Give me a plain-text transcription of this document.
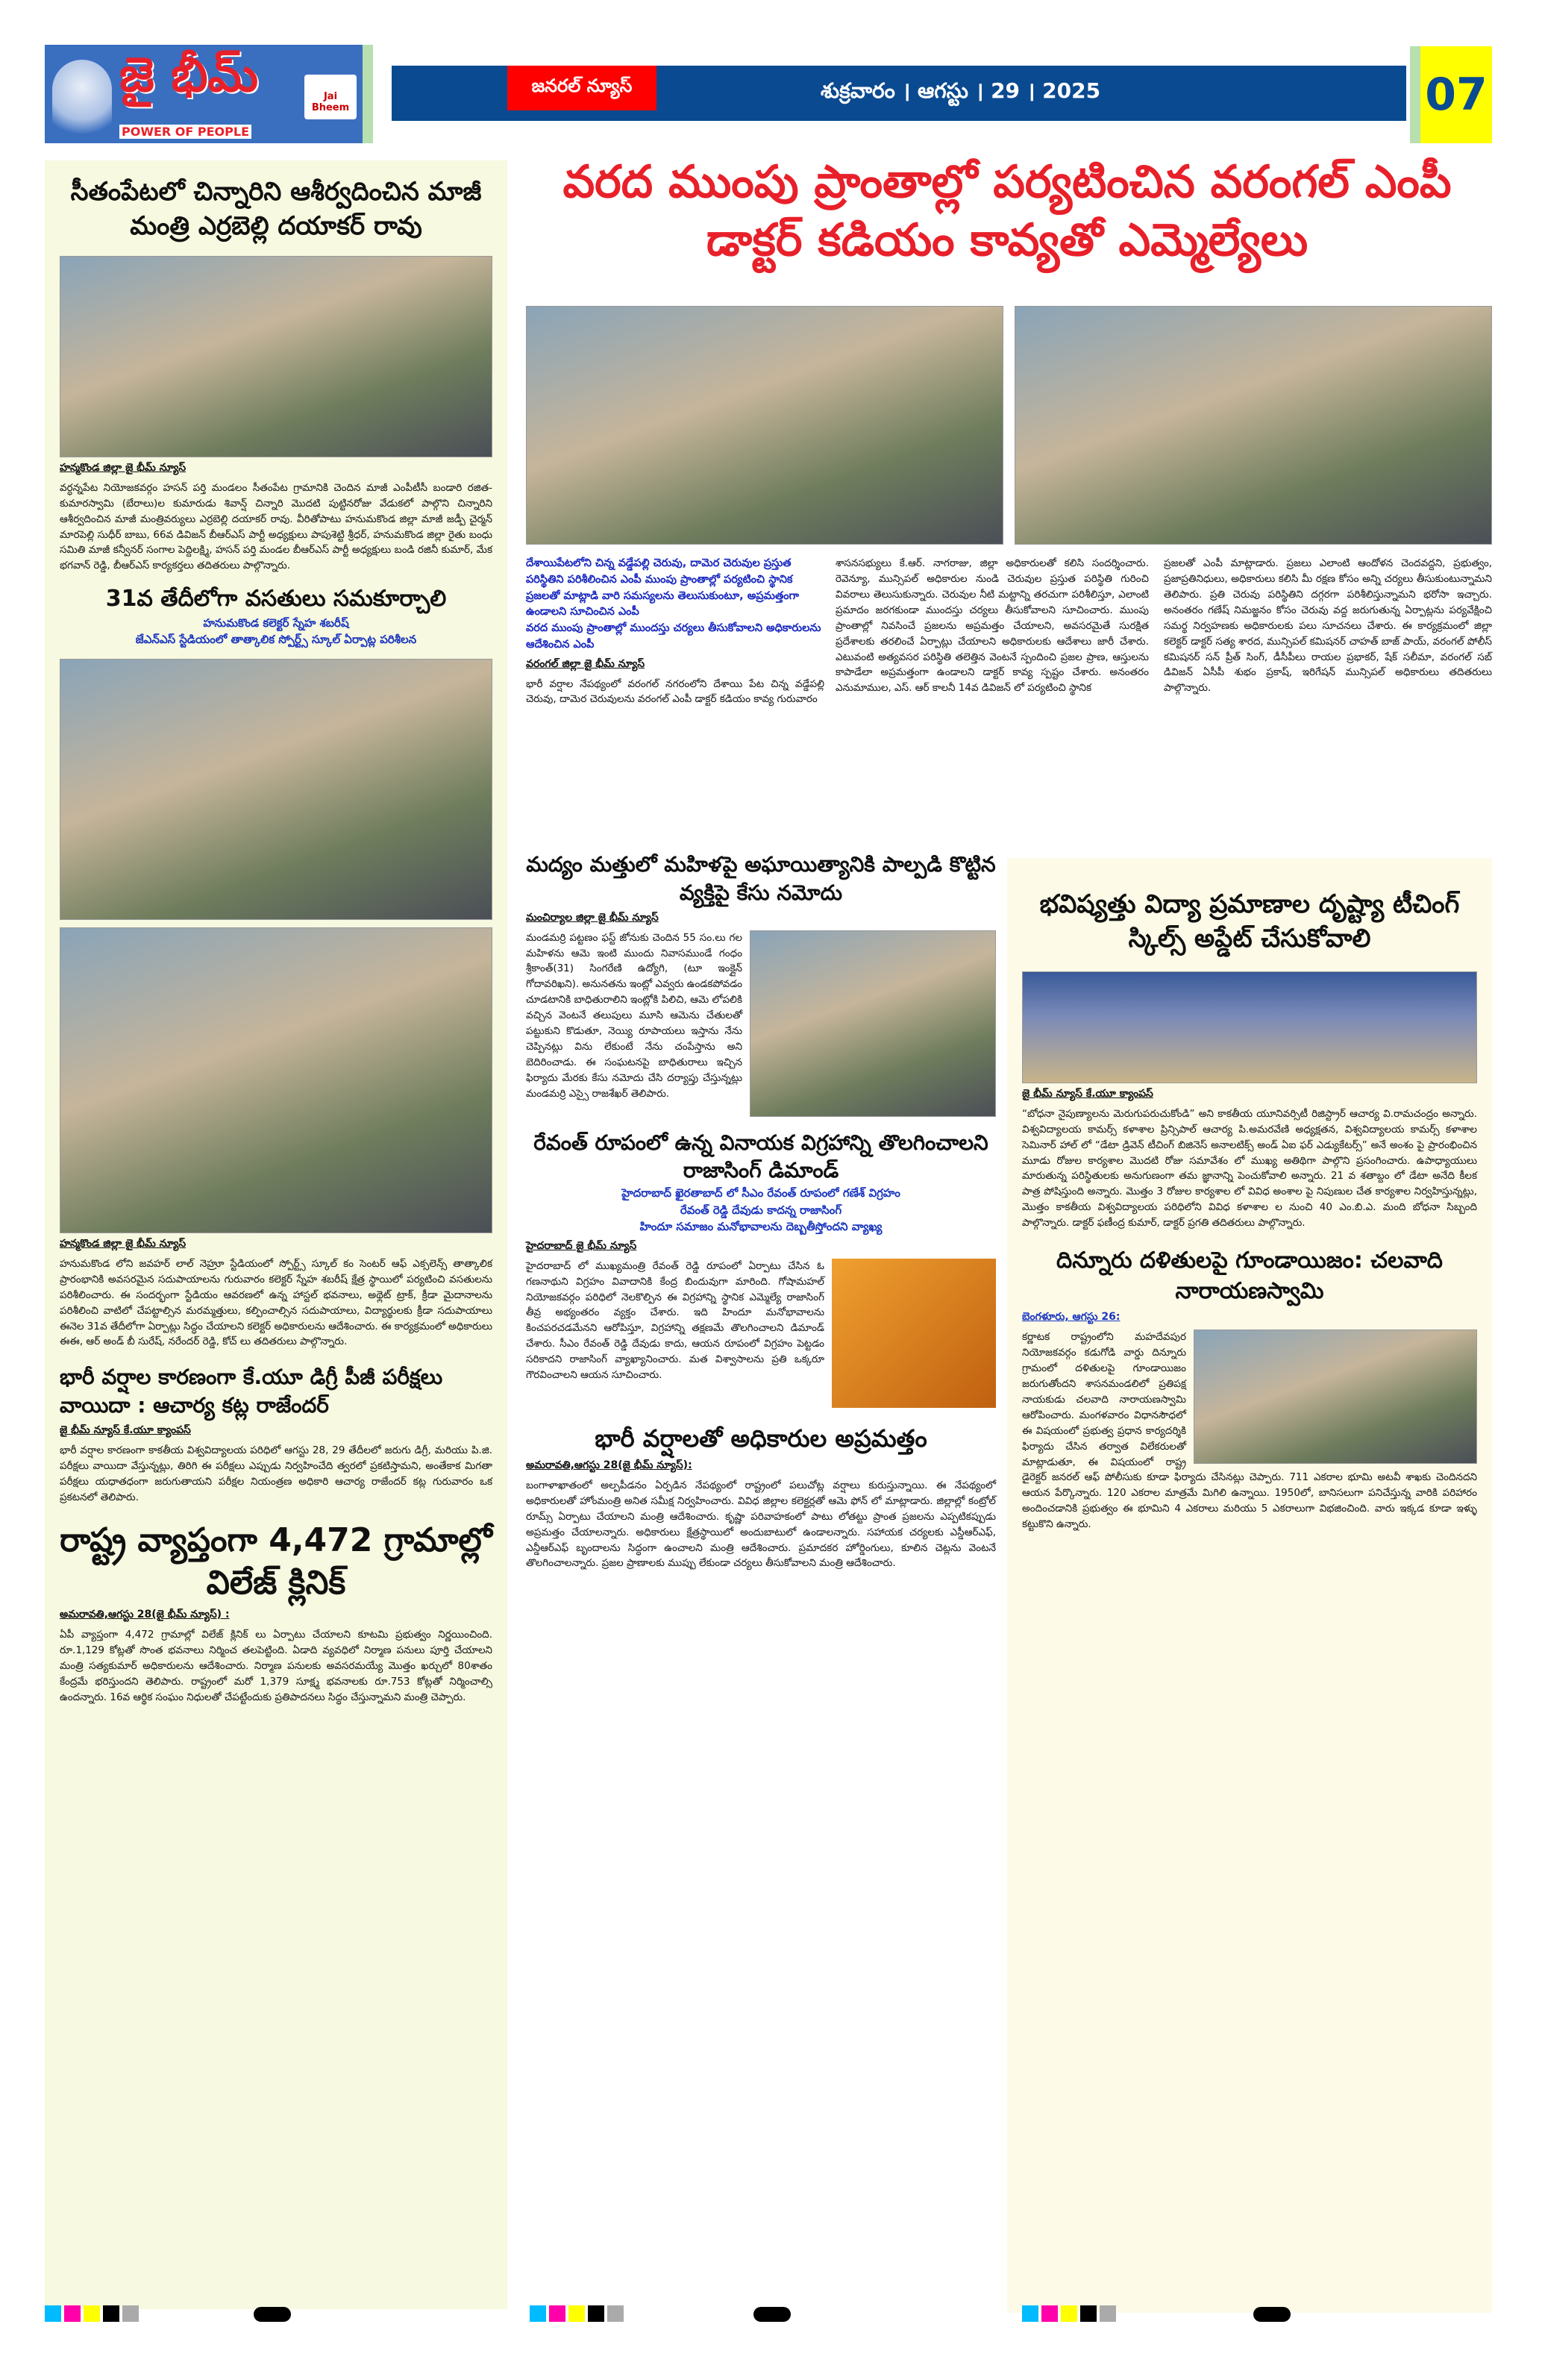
జై భీమ్
POWER OF PEOPLE
Jai Bheem
జనరల్ న్యూస్	శుక్రవారం । ఆగస్టు । 29 । 2025	07
సీతంపేటలో చిన్నారిని ఆశీర్వదించిన మాజీ మంత్రి ఎర్రబెల్లి దయాకర్ రావు
హన్మకొండ జిల్లా జై భీమ్ న్యూస్
వర్ధన్నపేట నియోజకవర్గం హసన్ పర్తి మండలం సీతంపేట గ్రామానికి చెందిన మాజీ ఎంపీటీసీ బండారి రజిత-కుమారస్వామి (బేరాలు)ల కుమారుడు శివాన్ష్ చిన్నారి మొదటి పుట్టినరోజు వేడుకలో పాల్గొని చిన్నారిని ఆశీర్వదించిన మాజీ మంత్రివర్యులు ఎర్రబెల్లి దయాకర్ రావు. వీరితోపాటు హనుమకొండ జిల్లా మాజీ జడ్పీ చైర్మన్ మారపెల్లి సుధీర్ బాబు, 66వ డివిజన్ బీఆర్ఎస్ పార్టీ అధ్యక్షులు పాపుశెట్టి శ్రీధర్, హనుమకొండ జిల్లా రైతు బంధు సమితి మాజీ కన్వీనర్ సంగాల పెద్దిలక్ష్మి, హసన్ పర్తి మండల బీఆర్ఎస్ పార్టీ అధ్యక్షులు బండి రజినీ కుమార్, మేక భగవాన్ రెడ్డి, బీఆర్ఎస్ కార్యకర్తలు తదితరులు పాల్గొన్నారు.
31వ తేదీలోగా వసతులు సమకూర్చాలి
హనుమకొండ కలెక్టర్ స్నేహ శబరీష్
జేఎన్ఎస్ స్టేడియంలో తాత్కాలిక స్పోర్ట్స్ స్కూల్ ఏర్పాట్ల పరిశీలన
హన్మకొండ జిల్లా జై భీమ్ న్యూస్
హనుమకొండ లోని జవహర్ లాల్ నెహ్రూ స్టేడియంలో స్పోర్ట్స్ స్కూల్ కం సెంటర్ ఆఫ్ ఎక్సలెన్స్ తాత్కాలిక ప్రారంభానికి అవసరమైన సదుపాయాలను గురువారం కలెక్టర్ స్నేహ శబరీష్ క్షేత్ర స్థాయిలో పర్యటించి వసతులను పరిశీలించారు. ఈ సందర్భంగా స్టేడియం ఆవరణలో ఉన్న హాస్టల్ భవనాలు, అథ్లెట్ ట్రాక్, క్రీడా మైదానాలను పరిశీలించి వాటిలో చేపట్టాల్సిన మరమ్మత్తులు, కల్పించాల్సిన సదుపాయాలు, విద్యార్థులకు క్రీడా సదుపాయాలు ఈనెల 31వ తేదీలోగా ఏర్పాట్లు సిద్ధం చేయాలని కలెక్టర్ అధికారులను ఆదేశించారు. ఈ కార్యక్రమంలో అధికారులు ఈఈ, ఆర్ అండ్ బీ సురేష్, నరేందర్ రెడ్డి, కోచ్ లు తదితరులు పాల్గొన్నారు.
భారీ వర్షాల కారణంగా కే.యూ డిగ్రీ పీజీ పరీక్షలు వాయిదా : ఆచార్య కట్ల రాజేందర్
జై భీమ్ న్యూస్ కే.యూ క్యాంపస్
భారీ వర్షాల కారణంగా కాకతీయ విశ్వవిద్యాలయ పరిధిలో ఆగస్టు 28, 29 తేదీలలో జరుగు డిగ్రీ, మరియు పి.జి. పరీక్షలు వాయిదా వేస్తున్నట్లు, తిరిగి ఈ పరీక్షలు ఎప్పుడు నిర్వహించేది త్వరలో ప్రకటిస్తామని, అంతేకాక మిగతా పరీక్షలు యధాతధంగా జరుగుతాయని పరీక్షల నియంత్రణ అధికారి ఆచార్య రాజేందర్ కట్ల గురువారం ఒక ప్రకటనలో తెలిపారు.
రాష్ట్ర వ్యాప్తంగా 4,472 గ్రామాల్లో విలేజ్ క్లినిక్
అమరావతి,ఆగస్టు 28(జై భీమ్ న్యూస్) :
ఏపీ వ్యాప్తంగా 4,472 గ్రామాల్లో విలేజ్ క్లినిక్ లు ఏర్పాటు చేయాలని కూటమి ప్రభుత్వం నిర్ణయించింది. రూ.1,129 కోట్లతో సొంత భవనాలు నిర్మించ తలపెట్టింది. ఏడాది వ్యవధిలో నిర్మాణ పనులు పూర్తి చేయాలని మంత్రి సత్యకుమార్ అధికారులను ఆదేశించారు. నిర్మాణ పనులకు అవసరమయ్యే మొత్తం ఖర్చులో 80శాతం కేంద్రమే భరిస్తుందని తెలిపారు. రాష్ట్రంలో మరో 1,379 సూక్ష్మ భవనాలకు రూ.753 కోట్లతో నిర్మించాల్సి ఉందన్నారు. 16వ ఆర్థిక సంఘం నిధులతో చేపట్టేందుకు ప్రతిపాదనలు సిద్ధం చేస్తున్నామని మంత్రి చెప్పారు.
వరద ముంపు ప్రాంతాల్లో పర్యటించిన వరంగల్ ఎంపీ డాక్టర్ కడియం కావ్యతో ఎమ్మెల్యేలు
దేశాయిపేటలోని చిన్న వడ్డేపల్లి చెరువు, దామెర చెరువుల ప్రస్తుత పరిస్థితిని పరిశీలించిన ఎంపీ ముంపు ప్రాంతాల్లో పర్యటించి స్థానిక ప్రజలతో మాట్లాడి వారి సమస్యలను తెలుసుకుంటూ, అప్రమత్తంగా ఉండాలని సూచించిన ఎంపీ
వరద ముంపు ప్రాంతాల్లో ముందస్తు చర్యలు తీసుకోవాలని అధికారులను ఆదేశించిన ఎంపీ
వరంగల్ జిల్లా జై భీమ్ న్యూస్
భారీ వర్షాల నేపథ్యంలో వరంగల్ నగరంలోని దేశాయి పేట చిన్న వడ్డేపల్లి చెరువు, దామెర చెరువులను వరంగల్ ఎంపీ డాక్టర్ కడియం కావ్య గురువారం
శాసనసభ్యులు కే.ఆర్. నాగరాజు, జిల్లా అధికారులతో కలిసి సందర్శించారు. రెవెన్యూ, మున్సిపల్ అధికారుల నుండి చెరువుల ప్రస్తుత పరిస్థితి గురించి వివరాలు తెలుసుకున్నారు. చెరువుల నీటి మట్టాన్ని తరచుగా పరిశీలిస్తూ, ఎలాంటి ప్రమాదం జరగకుండా ముందస్తు చర్యలు తీసుకోవాలని సూచించారు. ముంపు ప్రాంతాల్లో నివసించే ప్రజలను అప్రమత్తం చేయాలని, అవసరమైతే సురక్షిత ప్రదేశాలకు తరలించే ఏర్పాట్లు చేయాలని అధికారులకు ఆదేశాలు జారీ చేశారు. ఎటువంటి అత్యవసర పరిస్థితి తలెత్తిన వెంటనే స్పందించి ప్రజల ప్రాణ, ఆస్తులను కాపాడేలా అప్రమత్తంగా ఉండాలని డాక్టర్ కావ్య స్పష్టం చేశారు. అనంతరం ఎనుమాముల, ఎస్. ఆర్ కాలనీ 14వ డివిజన్ లో పర్యటించి స్థానిక
ప్రజలతో ఎంపీ మాట్లాడారు. ప్రజలు ఎలాంటి ఆందోళన చెందవద్దని, ప్రభుత్వం, ప్రజాప్రతినిధులు, అధికారులు కలిసి మీ రక్షణ కోసం అన్ని చర్యలు తీసుకుంటున్నామని తెలిపారు. ప్రతి చెరువు పరిస్థితిని దగ్గరగా పరిశీలిస్తున్నామని భరోసా ఇచ్చారు. అనంతరం గణేష్ నిమజ్జనం కోసం చెరువు వద్ద జరుగుతున్న ఏర్పాట్లను పర్యవేక్షించి సమర్థ నిర్వహణకు అధికారులకు పలు సూచనలు చేశారు. ఈ కార్యక్రమంలో జిల్లా కలెక్టర్ డాక్టర్ సత్య శారద, మున్సిపల్ కమిషనర్ చాహత్ బాజ్ పాయ్, వరంగల్ పోలీస్ కమిషనర్ సన్ ప్రీత్ సింగ్, డీసీపీలు రాయల ప్రభాకర్, షేక్ సలీమా, వరంగల్ సబ్ డివిజన్ ఏసీపీ శుభం ప్రకాష్, ఇరిగేషన్ మున్సిపల్ అధికారులు తదితరులు పాల్గొన్నారు.
మద్యం మత్తులో మహిళపై అఘాయిత్యానికి పాల్పడి కొట్టిన వ్యక్తిపై కేసు నమోదు
మంచిర్యాల జిల్లా జై భీమ్ న్యూస్
మండమర్రి పట్టణం ఫస్ట్ జోనుకు చెందిన 55 సం.లు గల మహిళను ఆమె ఇంటి ముందు నివాసముండే గంధం శ్రీకాంత్(31) సింగరేణి ఉద్యోగి, (టూ ఇంక్లైన్ గోదావరిఖని). అనునతను ఇంట్లో ఎవ్వరు ఉండకపోవడం చూడటానికి బాధితురాలిని ఇంట్లోకి పిలిచి, ఆమె లోపలికి వచ్చిన వెంటనే తలుపులు మూసి ఆమెను చేతులతో పట్టుకుని కొడుతూ, నెయ్యి రూపాయలు ఇస్తాను నేను చెప్పినట్లు విను లేకుంటే నేను చంపేస్తాను అని బెదిరించాడు. ఈ సంఘటనపై బాధితురాలు ఇచ్చిన ఫిర్యాదు మేరకు కేసు నమోదు చేసి దర్యాప్తు చేస్తున్నట్లు మండమర్రి ఎస్సై రాజశేఖర్ తెలిపారు.
రేవంత్ రూపంలో ఉన్న వినాయక విగ్రహాన్ని తొలగించాలని రాజాసింగ్ డిమాండ్
హైదరాబాద్ ఖైరతాబాద్ లో సీఎం రేవంత్ రూపంలో గణేశ్ విగ్రహం
రేవంత్ రెడ్డి దేవుడు కాదన్న రాజాసింగ్
హిందూ సమాజం మనోభావాలను దెబ్బతీస్తోందని వ్యాఖ్య
హైదరాబాద్ జై భీమ్ న్యూస్
హైదరాబాద్ లో ముఖ్యమంత్రి రేవంత్ రెడ్డి రూపంలో ఏర్పాటు చేసిన ఓ గణనాథుని విగ్రహం వివాదానికి కేంద్ర బిందువుగా మారింది. గోషామహల్ నియోజకవర్గం పరిధిలో నెలకొల్పిన ఈ విగ్రహాన్ని స్థానిక ఎమ్మెల్యే రాజాసింగ్ తీవ్ర అభ్యంతరం వ్యక్తం చేశారు. ఇది హిందూ మనోభావాలను కించపరచడమేనని ఆరోపిస్తూ, విగ్రహాన్ని తక్షణమే తొలగించాలని డిమాండ్ చేశారు. సీఎం రేవంత్ రెడ్డి దేవుడు కాదు, ఆయన రూపంలో విగ్రహం పెట్టడం సరికాదని రాజాసింగ్ వ్యాఖ్యానించారు. మత విశ్వాసాలను ప్రతి ఒక్కరూ గౌరవించాలని ఆయన సూచించారు.
భారీ వర్షాలతో అధికారుల అప్రమత్తం
అమరావతి,ఆగస్టు 28(జై భీమ్ న్యూస్):
బంగాళాఖాతంలో అల్పపీడనం ఏర్పడిన నేపథ్యంలో రాష్ట్రంలో పలుచోట్ల వర్షాలు కురుస్తున్నాయి. ఈ నేపథ్యంలో అధికారులతో హోంమంత్రి అనిత సమీక్ష నిర్వహించారు. వివిధ జిల్లాల కలెక్టర్లతో ఆమె ఫోన్ లో మాట్లాడారు. జిల్లాల్లో కంట్రోల్ రూమ్స్ ఏర్పాటు చేయాలని మంత్రి ఆదేశించారు. కృష్ణా పరివాహకంలో పాటు లోతట్టు ప్రాంత ప్రజలను ఎప్పటికప్పుడు అప్రమత్తం చేయాలన్నారు. అధికారులు క్షేత్రస్థాయిలో అందుబాటులో ఉండాలన్నారు. సహాయక చర్యలకు ఎస్డీఆర్ఎఫ్, ఎన్డీఆర్ఎఫ్ బృందాలను సిద్ధంగా ఉంచాలని మంత్రి ఆదేశించారు. ప్రమాదకర హోర్డింగులు, కూలిన చెట్లను వెంటనే తొలగించాలన్నారు. ప్రజల ప్రాణాలకు ముప్పు లేకుండా చర్యలు తీసుకోవాలని మంత్రి ఆదేశించారు.
భవిష్యత్తు విద్యా ప్రమాణాల దృష్ట్యా టీచింగ్ స్కిల్స్ అప్డేట్ చేసుకోవాలి
జై భీమ్ న్యూస్ కే.యూ క్యాంపస్
“బోధనా నైపుణ్యాలను మెరుగుపరుచుకోండి” అని కాకతీయ యూనివర్సిటీ రిజిస్ట్రార్ ఆచార్య వి.రామచంద్రం అన్నారు. విశ్వవిద్యాలయ కామర్స్ కళాశాల ప్రిన్సిపాల్ ఆచార్య పి.అమరవేణి అధ్యక్షతన, విశ్వవిద్యాలయ కామర్స్ కళాశాల సెమినార్ హాల్ లో “డేటా డ్రివెన్ టీచింగ్ బిజినెస్ అనాలటిక్స్ అండ్ ఏఐ ఫర్ ఎడ్యుకేటర్స్” అనే అంశం పై ప్రారంభించిన మూడు రోజుల కార్యశాల మొదటి రోజు సమావేశం లో ముఖ్య అతిథిగా పాల్గొని ప్రసంగించారు. ఉపాధ్యాయులు మారుతున్న పరిస్థితులకు అనుగుణంగా తమ జ్ఞానాన్ని పెంచుకోవాలి అన్నారు. 21 వ శతాబ్దం లో డేటా అనేది కీలక పాత్ర పోషిస్తుంది అన్నారు. మొత్తం 3 రోజుల కార్యశాల లో వివిధ అంశాల పై నిపుణుల చేత కార్యశాల నిర్వహిస్తున్నట్లు, మొత్తం కాకతీయ విశ్వవిద్యాలయ పరిధిలోని వివిధ కళాశాల ల నుంచి 40 ఎం.బి.ఎ. మంది బోధనా సిబ్బంది పాల్గొన్నారు. డాక్టర్ ఫణీంద్ర కుమార్, డాక్టర్ ప్రగతి తదితరులు పాల్గొన్నారు.
దిన్నూరు దళితులపై గూండాయిజం: చలవాది నారాయణస్వామి
బెంగళూరు, ఆగస్టు 26:
కర్ణాటక రాష్ట్రంలోని మహదేవపుర నియోజకవర్గం కడుగోడి వార్డు దిన్నూరు గ్రామంలో దళితులపై గూండాయిజం జరుగుతోందని శాసనమండలిలో ప్రతిపక్ష నాయకుడు చలవాది నారాయణస్వామి ఆరోపించారు. మంగళవారం విధానసౌధలో ఈ విషయంలో ప్రభుత్వ ప్రధాన కార్యదర్శికి ఫిర్యాదు చేసిన తర్వాత విలేకరులతో మాట్లాడుతూ, ఈ విషయంలో రాష్ట్ర డైరెక్టర్ జనరల్ ఆఫ్ పోలీసుకు కూడా ఫిర్యాదు చేసినట్లు చెప్పారు. 711 ఎకరాల భూమి అటవీ శాఖకు చెందినదని ఆయన పేర్కొన్నారు. 120 ఎకరాల మాత్రమే మిగిలి ఉన్నాయి. 1950లో, బానిసలుగా పనిచేస్తున్న వారికి పరిహారం అందించడానికి ప్రభుత్వం ఈ భూమిని 4 ఎకరాలు మరియు 5 ఎకరాలుగా విభజించింది. వారు ఇక్కడ కూడా ఇళ్ళు కట్టుకొని ఉన్నారు.
